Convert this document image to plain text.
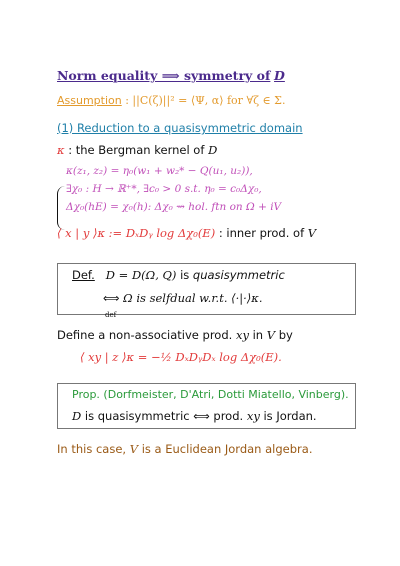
Norm equality ⟹ symmetry of D
Assumption : ||C(ζ)||² = ⟨Ψ, α⟩ for ∀ζ ∈ Σ.
(1) Reduction to a quasisymmetric domain
κ : the Bergman kernel of D
κ(z₁, z₂) = η₀(w₁ + w₂* − Q(u₁, u₂)),
∃χ₀ : H → ℝ⁺*, ∃c₀ > 0 s.t. η₀ = c₀Δχ₀,
Δχ₀(hE) = χ₀(h): Δχ₀ ⇝ hol. ftn on Ω + iV
⟨ x | y ⟩κ := DₓDᵧ log Δχ₀(E) : inner prod. of V
Def. D = D(Ω, Q) is quasisymmetric
⟺ Ω is selfdual w.r.t. ⟨·|·⟩κ.
def
Define a non-associative prod. xy in V by
⟨ xy | z ⟩κ = −½ DₓDᵧDₓ log Δχ₀(E).
Prop. (Dorfmeister, D'Atri, Dotti Miatello, Vinberg).
D is quasisymmetric ⟺ prod. xy is Jordan.
In this case, V is a Euclidean Jordan algebra.
